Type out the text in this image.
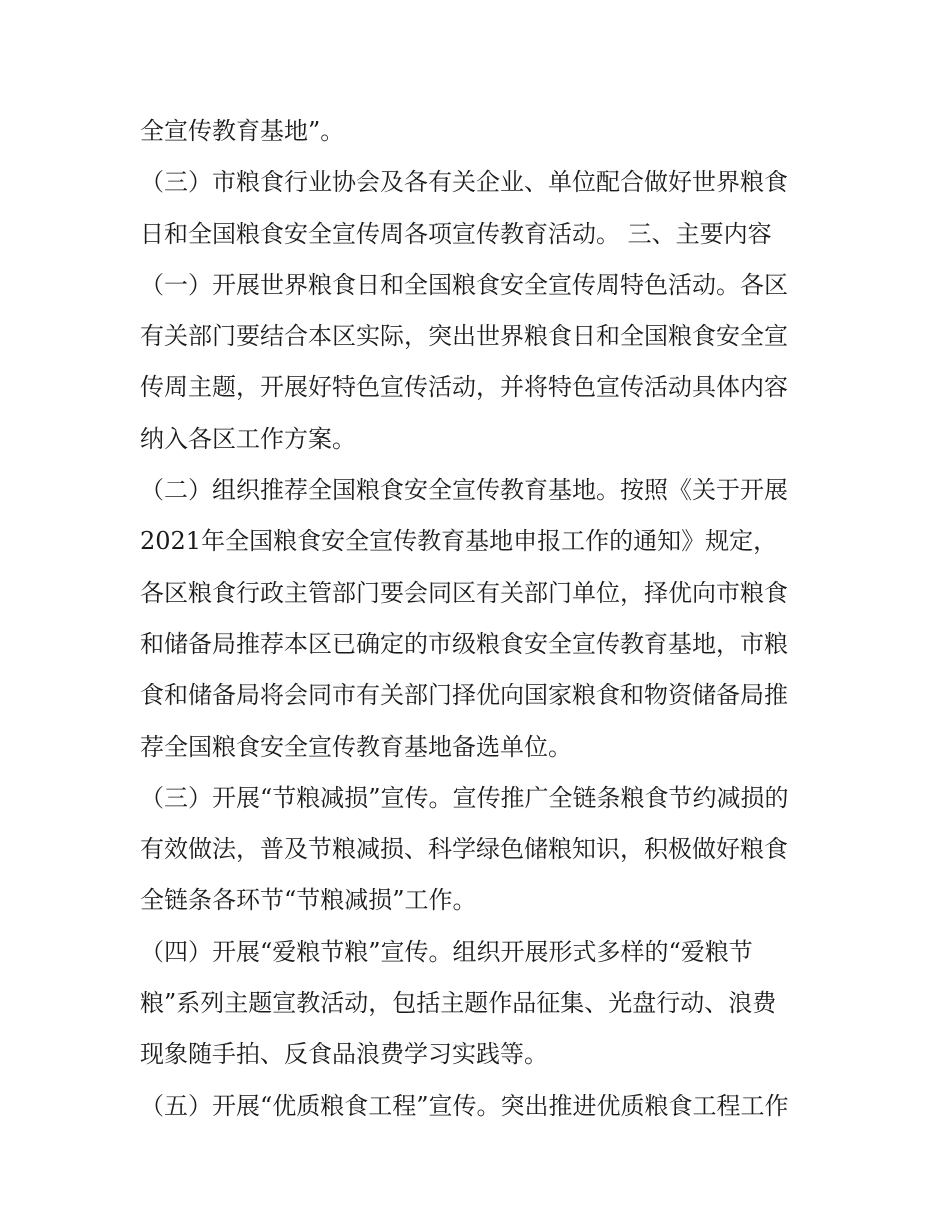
全宣传教育基地”。
（三）市粮食行业协会及各有关企业、单位配合做好世界粮食
日和全国粮食安全宣传周各项宣传教育活动。 三、主要内容
（一）开展世界粮食日和全国粮食安全宣传周特色活动。各区
有关部门要结合本区实际，突出世界粮食日和全国粮食安全宣
传周主题，开展好特色宣传活动，并将特色宣传活动具体内容
纳入各区工作方案。
（二）组织推荐全国粮食安全宣传教育基地。按照《关于开展
2021年全国粮食安全宣传教育基地申报工作的通知》规定，
各区粮食行政主管部门要会同区有关部门单位，择优向市粮食
和储备局推荐本区已确定的市级粮食安全宣传教育基地，市粮
食和储备局将会同市有关部门择优向国家粮食和物资储备局推
荐全国粮食安全宣传教育基地备选单位。
（三）开展“节粮减损”宣传。宣传推广全链条粮食节约减损的
有效做法，普及节粮减损、科学绿色储粮知识，积极做好粮食
全链条各环节“节粮减损”工作。
（四）开展“爱粮节粮”宣传。组织开展形式多样的“爱粮节
粮”系列主题宣教活动，包括主题作品征集、光盘行动、浪费
现象随手拍、反食品浪费学习实践等。
（五）开展“优质粮食工程”宣传。突出推进优质粮食工程工作
